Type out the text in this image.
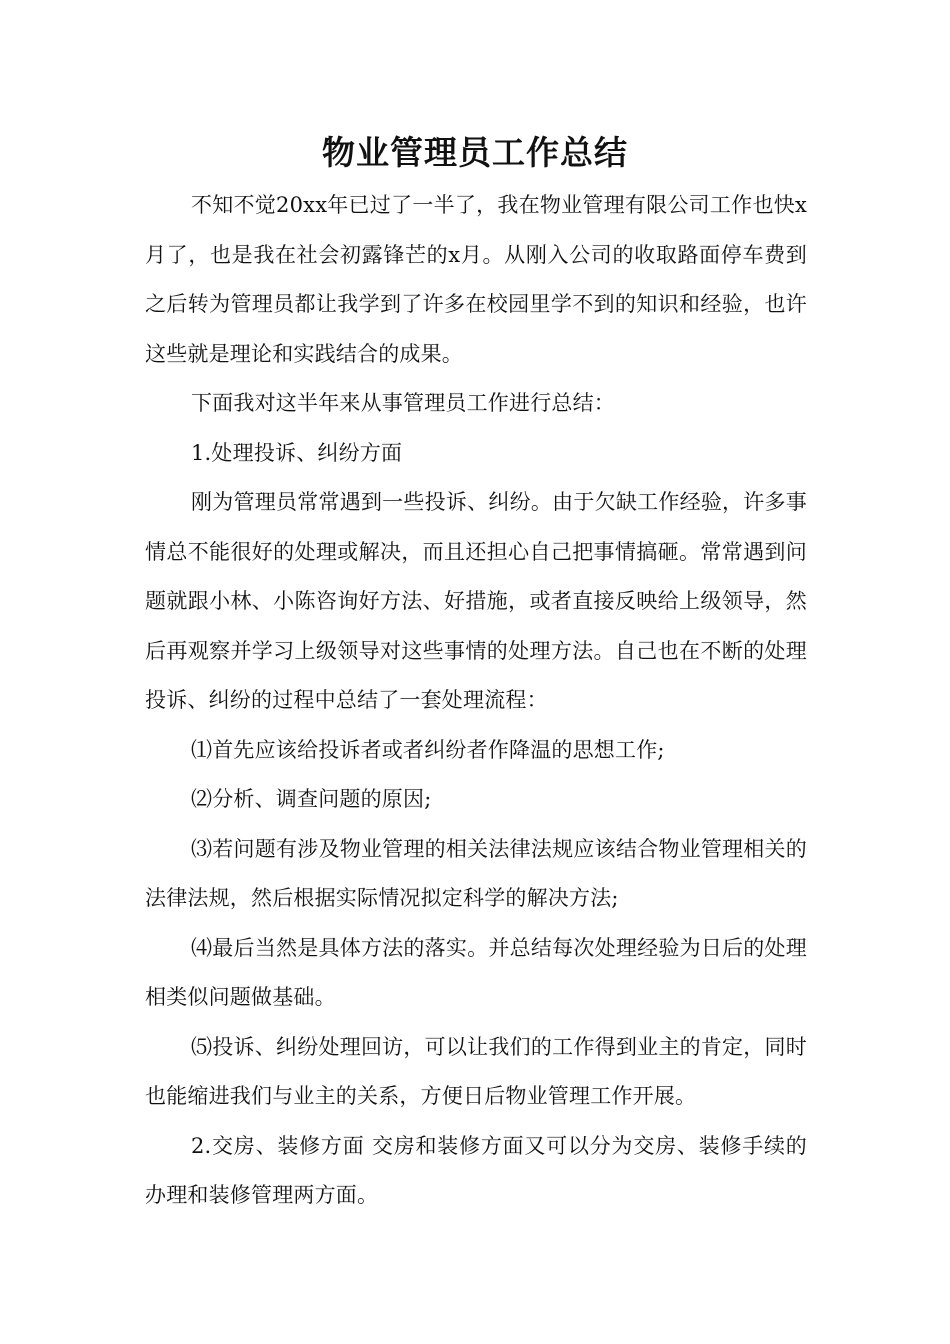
物业管理员工作总结

不知不觉20xx年已过了一半了，我在物业管理有限公司工作也快x月了，也是我在社会初露锋芒的x月。从刚入公司的收取路面停车费到之后转为管理员都让我学到了许多在校园里学不到的知识和经验，也许这些就是理论和实践结合的成果。

下面我对这半年来从事管理员工作进行总结：

1.处理投诉、纠纷方面

刚为管理员常常遇到一些投诉、纠纷。由于欠缺工作经验，许多事情总不能很好的处理或解决，而且还担心自己把事情搞砸。常常遇到问题就跟小林、小陈咨询好方法、好措施，或者直接反映给上级领导，然后再观察并学习上级领导对这些事情的处理方法。自己也在不断的处理投诉、纠纷的过程中总结了一套处理流程：

⑴首先应该给投诉者或者纠纷者作降温的思想工作;

⑵分析、调查问题的原因;

⑶若问题有涉及物业管理的相关法律法规应该结合物业管理相关的法律法规，然后根据实际情况拟定科学的解决方法;

⑷最后当然是具体方法的落实。并总结每次处理经验为日后的处理相类似问题做基础。

⑸投诉、纠纷处理回访，可以让我们的工作得到业主的肯定，同时也能缩进我们与业主的关系，方便日后物业管理工作开展。

2.交房、装修方面 交房和装修方面又可以分为交房、装修手续的办理和装修管理两方面。
